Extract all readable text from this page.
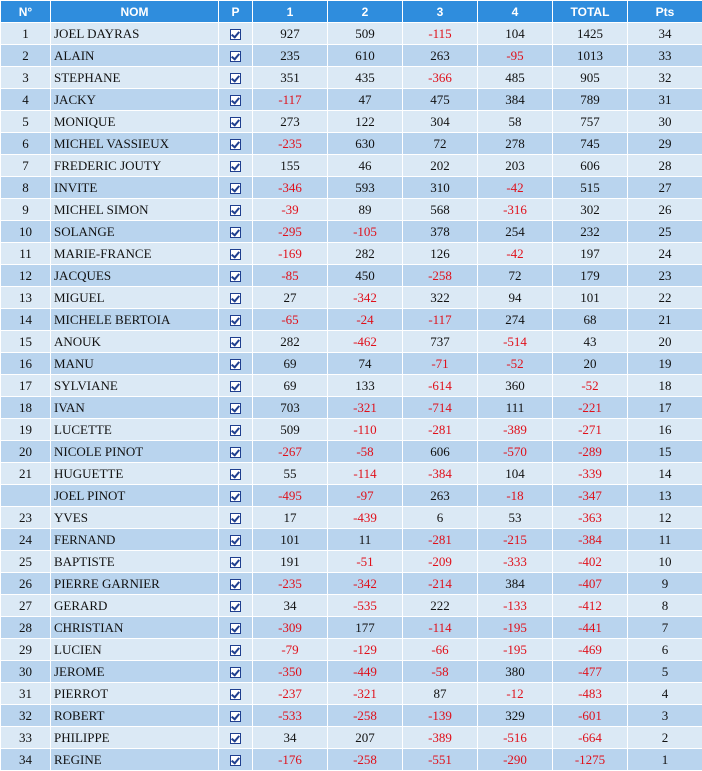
N°	NOM	P	1	2	3	4	TOTAL	Pts
1	JOEL DAYRAS		927	509	-115	104	1425	34
2	ALAIN		235	610	263	-95	1013	33
3	STEPHANE		351	435	-366	485	905	32
4	JACKY		-117	47	475	384	789	31
5	MONIQUE		273	122	304	58	757	30
6	MICHEL VASSIEUX		-235	630	72	278	745	29
7	FREDERIC JOUTY		155	46	202	203	606	28
8	INVITE		-346	593	310	-42	515	27
9	MICHEL SIMON		-39	89	568	-316	302	26
10	SOLANGE		-295	-105	378	254	232	25
11	MARIE-FRANCE		-169	282	126	-42	197	24
12	JACQUES		-85	450	-258	72	179	23
13	MIGUEL		27	-342	322	94	101	22
14	MICHELE BERTOIA		-65	-24	-117	274	68	21
15	ANOUK		282	-462	737	-514	43	20
16	MANU		69	74	-71	-52	20	19
17	SYLVIANE		69	133	-614	360	-52	18
18	IVAN		703	-321	-714	111	-221	17
19	LUCETTE		509	-110	-281	-389	-271	16
20	NICOLE PINOT		-267	-58	606	-570	-289	15
21	HUGUETTE		55	-114	-384	104	-339	14
	JOEL PINOT		-495	-97	263	-18	-347	13
23	YVES		17	-439	6	53	-363	12
24	FERNAND		101	11	-281	-215	-384	11
25	BAPTISTE		191	-51	-209	-333	-402	10
26	PIERRE GARNIER		-235	-342	-214	384	-407	9
27	GERARD		34	-535	222	-133	-412	8
28	CHRISTIAN		-309	177	-114	-195	-441	7
29	LUCIEN		-79	-129	-66	-195	-469	6
30	JEROME		-350	-449	-58	380	-477	5
31	PIERROT		-237	-321	87	-12	-483	4
32	ROBERT		-533	-258	-139	329	-601	3
33	PHILIPPE		34	207	-389	-516	-664	2
34	REGINE		-176	-258	-551	-290	-1275	1
